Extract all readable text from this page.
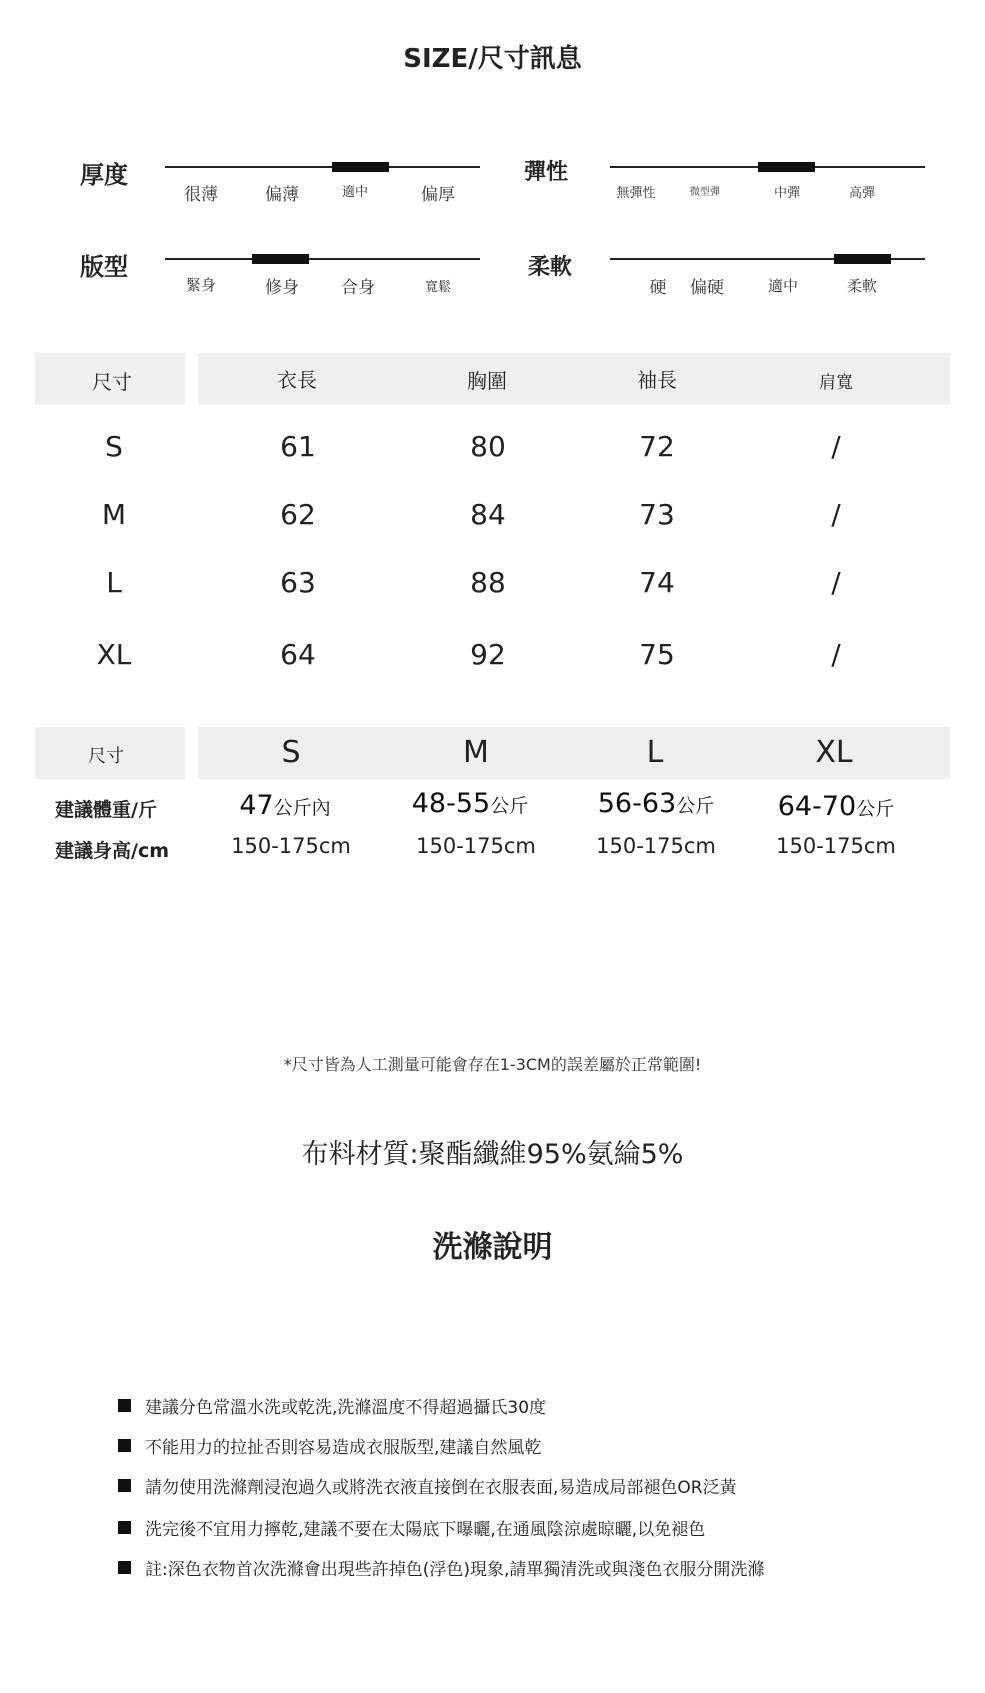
SIZE/尺寸訊息
厚度
很薄	偏薄	適中	偏厚
彈性
無彈性	微型彈	中彈	高彈
版型
緊身	修身 合身	寬鬆
柔軟
硬 偏硬	適中	柔軟
尺寸	衣長	胸圍	袖長	肩寬
S	61	80	72	/
M	62	84	73	/
L	63	88	74	/
XL	64	92	75	/
尺寸	S	M	L	XL
建議體重/斤	47公斤內	48-55公斤	56-63公斤 64-70公斤
建議身高/cm	150-175cm	150-175cm	150-175cm	150-175cm
*尺寸皆為人工測量可能會存在1-3CM的誤差屬於正常範圍!
布料材質:聚酯纖維95%氨綸5%
洗滌說明
建議分色常溫水洗或乾洗,洗滌溫度不得超過攝氏30度
不能用力的拉扯否則容易造成衣服版型,建議自然風乾
請勿使用洗滌劑浸泡過久或將洗衣液直接倒在衣服表面,易造成局部褪色OR泛黃
洗完後不宜用力擰乾,建議不要在太陽底下曝曬,在通風陰涼處晾曬,以免褪色
註:深色衣物首次洗滌會出現些許掉色(浮色)現象,請單獨清洗或與淺色衣服分開洗滌
